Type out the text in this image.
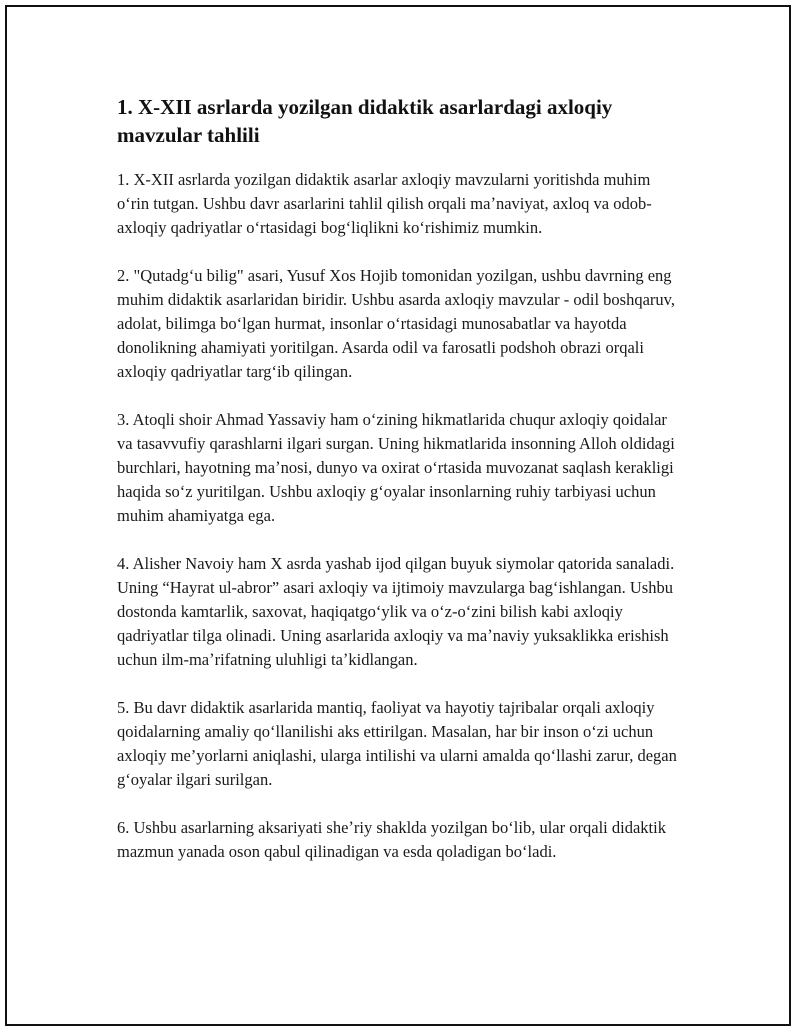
1. X-XII asrlarda yozilgan didaktik asarlardagi axloqiy mavzular tahlili

1. X-XII asrlarda yozilgan didaktik asarlar axloqiy mavzularni yoritishda muhim oʻrin tutgan. Ushbu davr asarlarini tahlil qilish orqali maʼnaviyat, axloq va odob-axloqiy qadriyatlar oʻrtasidagi bogʻliqlikni koʻrishimiz mumkin.

2. "Qutadgʻu bilig" asari, Yusuf Xos Hojib tomonidan yozilgan, ushbu davrning eng muhim didaktik asarlaridan biridir. Ushbu asarda axloqiy mavzular - odil boshqaruv, adolat, bilimga boʻlgan hurmat, insonlar oʻrtasidagi munosabatlar va hayotda donolikning ahamiyati yoritilgan. Asarda odil va farosatli podshoh obrazi orqali axloqiy qadriyatlar targʻib qilingan.

3. Atoqli shoir Ahmad Yassaviy ham oʻzining hikmatlarida chuqur axloqiy qoidalar va tasavvufiy qarashlarni ilgari surgan. Uning hikmatlarida insonning Alloh oldidagi burchlari, hayotning maʼnosi, dunyo va oxirat oʻrtasida muvozanat saqlash kerakligi haqida soʻz yuritilgan. Ushbu axloqiy gʻoyalar insonlarning ruhiy tarbiyasi uchun muhim ahamiyatga ega.

4. Alisher Navoiy ham X asrda yashab ijod qilgan buyuk siymolar qatorida sanaladi. Uning “Hayrat ul-abror” asari axloqiy va ijtimoiy mavzularga bagʻishlangan. Ushbu dostonda kamtarlik, saxovat, haqiqatgoʻylik va oʻz-oʻzini bilish kabi axloqiy qadriyatlar tilga olinadi. Uning asarlarida axloqiy va maʼnaviy yuksaklikka erishish uchun ilm-maʼrifatning uluhligi taʼkidlangan.

5. Bu davr didaktik asarlarida mantiq, faoliyat va hayotiy tajribalar orqali axloqiy qoidalarning amaliy qoʻllanilishi aks ettirilgan. Masalan, har bir inson oʻzi uchun axloqiy me’yorlarni aniqlashi, ularga intilishi va ularni amalda qoʻllashi zarur, degan gʻoyalar ilgari surilgan.

6. Ushbu asarlarning aksariyati sheʼriy shaklda yozilgan boʻlib, ular orqali didaktik mazmun yanada oson qabul qilinadigan va esda qoladigan boʻladi.
